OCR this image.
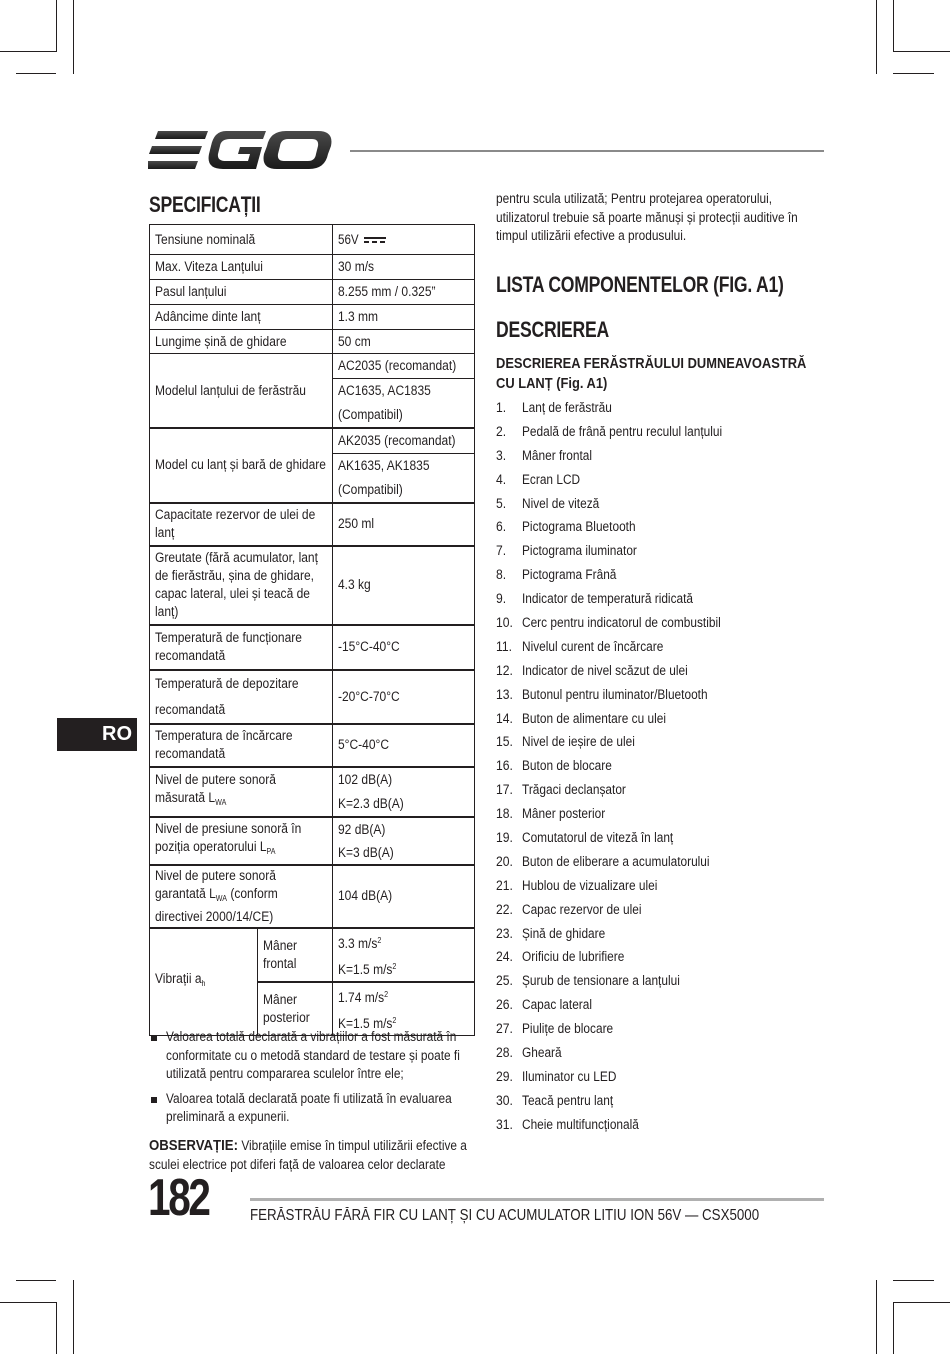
RO
SPECIFICAȚII
Tensiune nominală		56V

Max. Viteza Lanțului		30 m/s

Pasul lanțului		8.255 mm / 0.325”

Adâncime dinte lanț		1.3 mm

Lungime șină de ghidare		50 cm

Modelul lanțului de ferăstrău		AC2035 (recomandat)

		AC1635, AC1835
(Compatibil)

Model cu lanț și bară de ghidare		AK2035 (recomandat)

		AK1635, AK1835
(Compatibil)

Capacitate rezervor de ulei de lanț		250 ml

Greutate (fără acumulator, lanț de fierăstrău, șina de ghidare, capac lateral, ulei și teacă de lanț)		4.3 kg

Temperatură de funcționare recomandată		-15°C-40°C

Temperatură de depozitare recomandată		-20°C-70°C

Temperatura de încărcare recomandată		5°C-40°C

Nivel de putere sonoră măsurată $L_{WA}$		102 dB(A)
K=2.3 dB(A)

Nivel de presiune sonoră în poziția operatorului $L_{PA}$		92 dB(A)
K=3 dB(A)

Nivel de putere sonoră garantată $L_{WA}$ (conform directivei 2000/14/CE)		104 dB(A)

Vibrații $a_h$	Mâner frontal	3.3 $m/s^2$
K=1.5 $m/s^2$

	Mâner posterior	1.74 $m/s^2$
K=1.5 $m/s^2$
Valoarea totală declarată a vibrațiilor a fost măsurată în conformitate cu o metodă standard de testare și poate fi utilizată pentru compararea sculelor între ele;
Valoarea totală declarată poate fi utilizată în evaluarea preliminară a expunerii.
OBSERVAȚIE: Vibrațiile emise în timpul utilizării efective a sculei electrice pot diferi față de valoarea celor declarate
pentru scula utilizată; Pentru protejarea operatorului, utilizatorul trebuie să poarte mănuși și protecții auditive în timpul utilizării efective a produsului.
LISTA COMPONENTELOR (FIG. A1)
DESCRIEREA
DESCRIEREA FERĂSTRĂULUI DUMNEAVOASTRĂ CU LANȚ (Fig. A1)
1. Lanț de ferăstrău
2. Pedală de frână pentru reculul lanțului
3. Mâner frontal
4. Ecran LCD
5. Nivel de viteză
6. Pictograma Bluetooth
7. Pictograma iluminator
8. Pictograma Frână
9. Indicator de temperatură ridicată
10. Cerc pentru indicatorul de combustibil
11. Nivelul curent de încărcare
12. Indicator de nivel scăzut de ulei
13. Butonul pentru iluminator/Bluetooth
14. Buton de alimentare cu ulei
15. Nivel de ieșire de ulei
16. Buton de blocare
17. Trăgaci declanșator
18. Mâner posterior
19. Comutatorul de viteză în lanț
20. Buton de eliberare a acumulatorului
21. Hublou de vizualizare ulei
22. Capac rezervor de ulei
23. Șină de ghidare
24. Orificiu de lubrifiere
25. Șurub de tensionare a lanțului
26. Capac lateral
27. Piulițe de blocare
28. Gheară
29. Iluminator cu LED
30. Teacă pentru lanț
31. Cheie multifuncțională
182	FERĂSTRĂU FĂRĂ FIR CU LANȚ ȘI CU ACUMULATOR LITIU ION 56V — CSX5000
